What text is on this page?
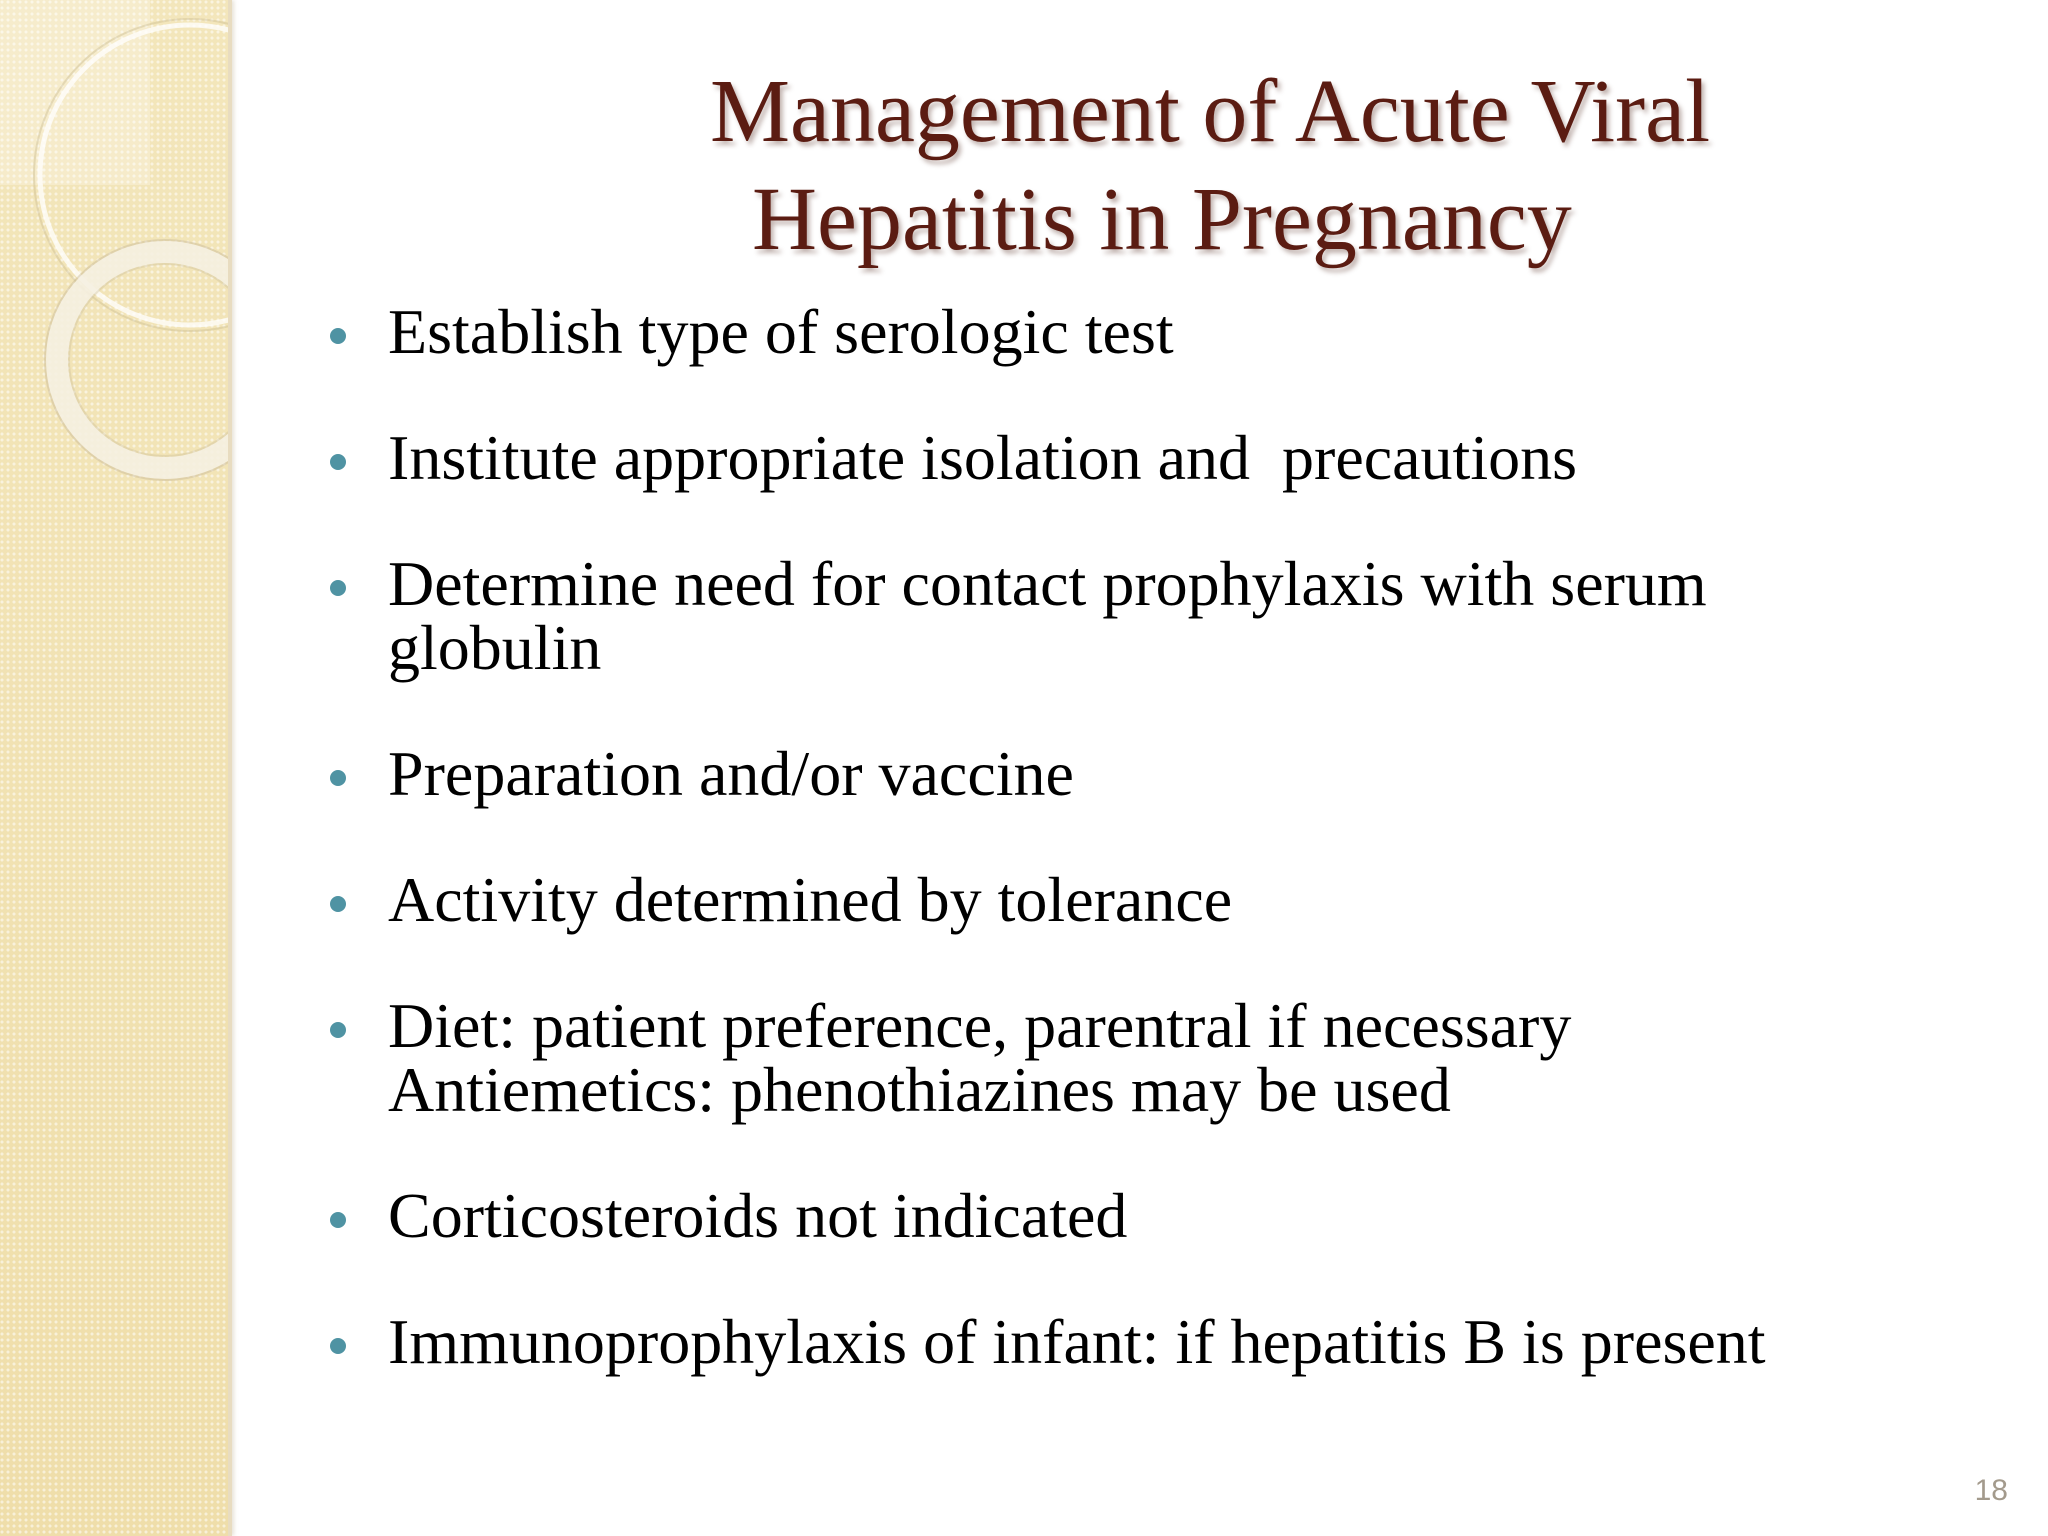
Management of Acute Viral
Hepatitis in Pregnancy
Establish type of serologic test
Institute appropriate isolation and  precautions
Determine need for contact prophylaxis with serum
globulin
Preparation and/or vaccine
Activity determined by tolerance
Diet: patient preference, parentral if necessary
Antiemetics: phenothiazines may be used
Corticosteroids not indicated
Immunoprophylaxis of infant: if hepatitis B is present
18
